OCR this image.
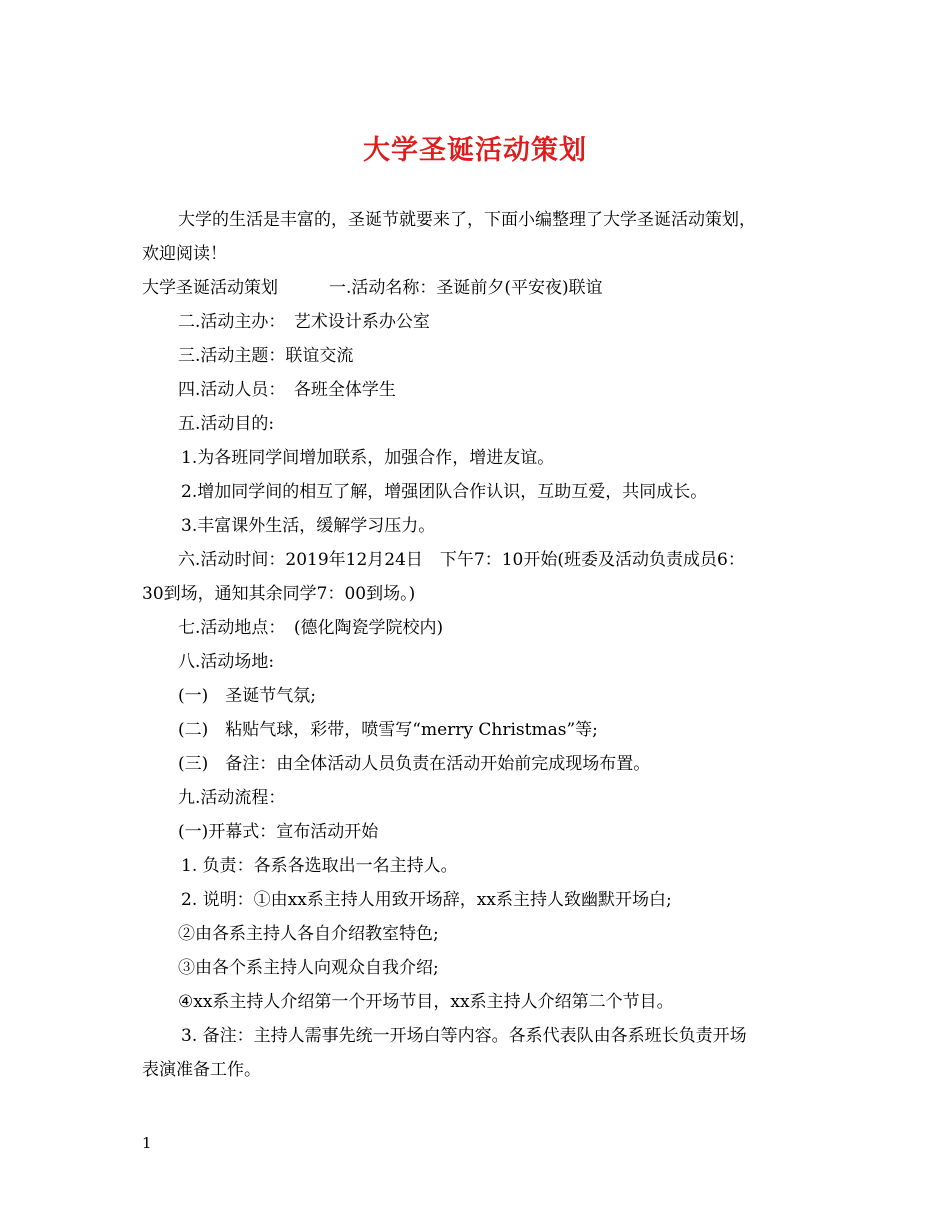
大学圣诞活动策划
大学的生活是丰富的，圣诞节就要来了，下面小编整理了大学圣诞活动策划，
欢迎阅读！
大学圣诞活动策划　　　一.活动名称：圣诞前夕(平安夜)联谊
二.活动主办：　艺术设计系办公室
三.活动主题：联谊交流
四.活动人员：　各班全体学生
五.活动目的:
1.为各班同学间增加联系，加强合作，增进友谊。
2.增加同学间的相互了解，增强团队合作认识，互助互爱，共同成长。
3.丰富课外生活，缓解学习压力。
六.活动时间：2019年12月24日　下午7：10开始(班委及活动负责成员6：
30到场，通知其余同学7：00到场。)
七.活动地点：　(德化陶瓷学院校内)
八.活动场地:
(一)　圣诞节气氛;
(二)　粘贴气球，彩带，喷雪写“merry Christmas”等;
(三)　备注：由全体活动人员负责在活动开始前完成现场布置。
九.活动流程：
(一)开幕式：宣布活动开始
1. 负责：各系各选取出一名主持人。
2. 说明：①由xx系主持人用致开场辞，xx系主持人致幽默开场白;
②由各系主持人各自介绍教室特色;
③由各个系主持人向观众自我介绍;
④xx系主持人介绍第一个开场节目，xx系主持人介绍第二个节目。
3. 备注：主持人需事先统一开场白等内容。各系代表队由各系班长负责开场
表演准备工作。
1
